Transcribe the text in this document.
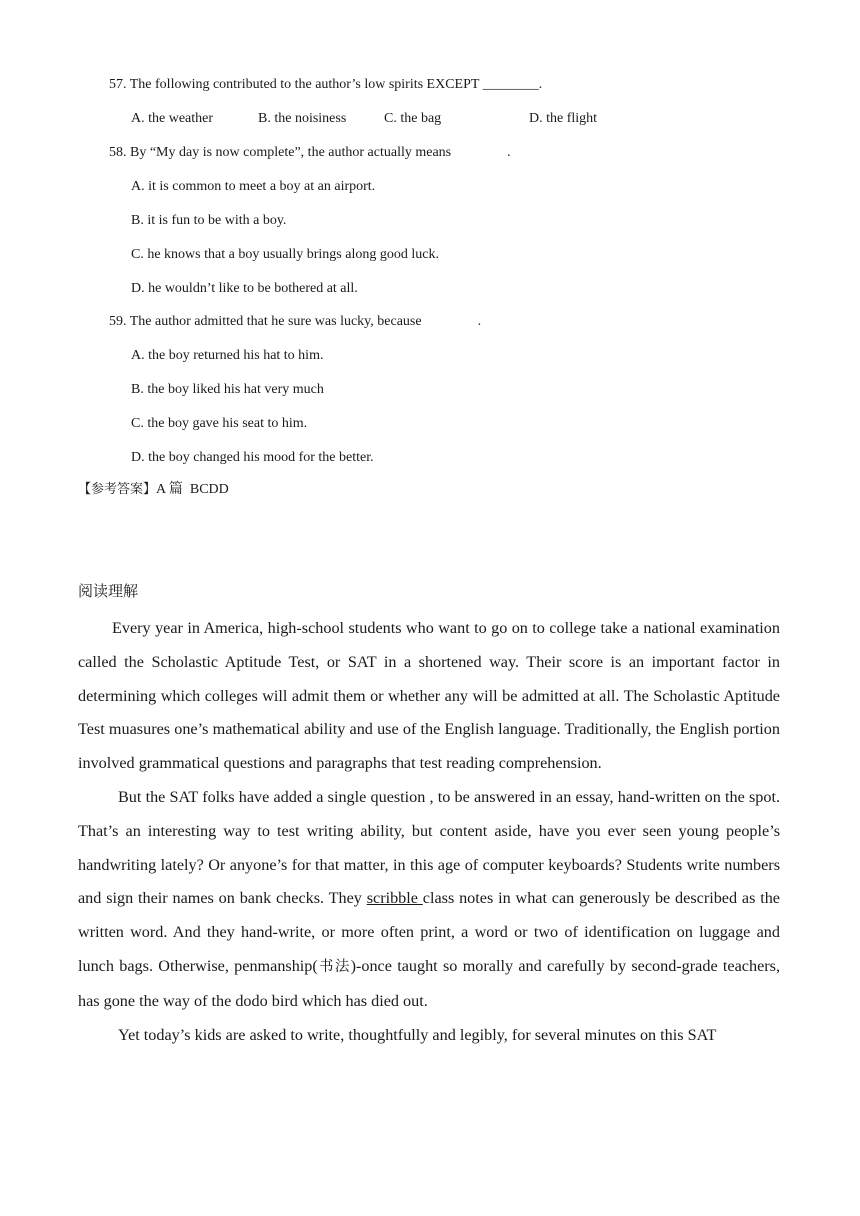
57. The following contributed to the author’s low spirits EXCEPT ________.
A. the weather	B. the noisiness	C. the bag	D. the flight
58. By “My day is now complete”, the author actually means                .
A. it is common to meet a boy at an airport.
B. it is fun to be with a boy.
C. he knows that a boy usually brings along good luck.
D. he wouldn’t like to be bothered at all.
59. The author admitted that he sure was lucky, because                .
A. the boy returned his hat to him.
B. the boy liked his hat very much
C. the boy gave his seat to him.
D. the boy changed his mood for the better.
【参考答案】A 篇  BCDD
阅读理解

Every year in America, high-school students who want to go on to college take a national examination called the Scholastic Aptitude Test, or SAT in a shortened way. Their score is an important factor in determining which colleges will admit them or whether any will be admitted at all. The Scholastic Aptitude Test muasures one’s mathematical ability and use of the English language. Traditionally, the English portion involved grammatical questions and paragraphs that test reading comprehension.

But the SAT folks have added a single question , to be answered in an essay, hand-written on the spot. That’s an interesting way to test writing ability, but content aside, have you ever seen young people’s handwriting lately? Or anyone’s for that matter, in this age of computer keyboards? Students write numbers and sign their names on bank checks. They scribble class notes in what can generously be described as the written word. And they hand-write, or more often print, a word or two of identification on luggage and lunch bags. Otherwise, penmanship(书法)-once taught so morally and carefully by second-grade teachers, has gone the way of the dodo bird which has died out.

Yet today’s kids are asked to write, thoughtfully and legibly, for several minutes on this SAT
